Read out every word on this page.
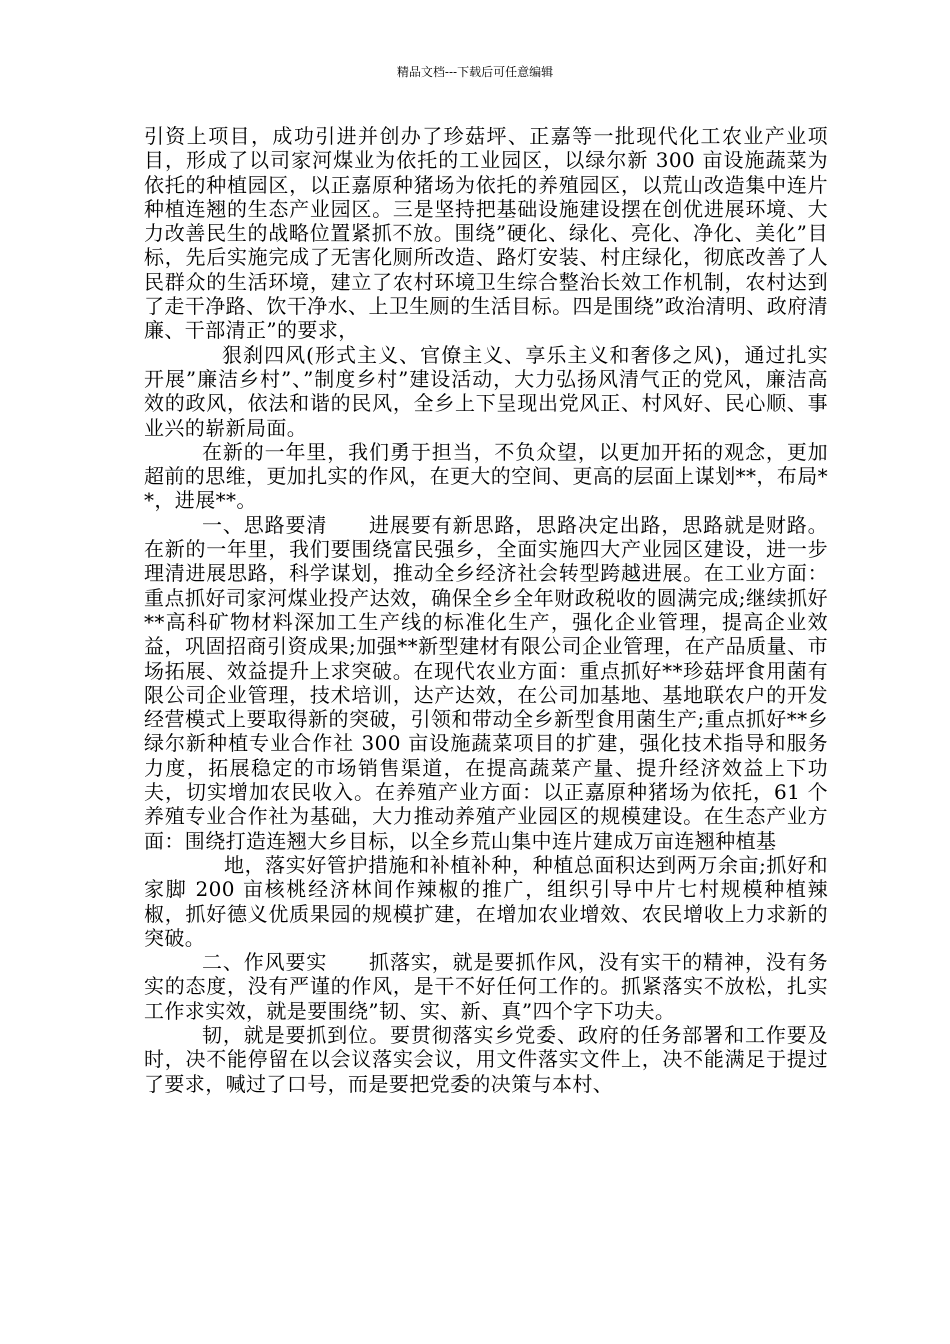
精品文档---下载后可任意编辑

引资上项目，成功引进并创办了珍菇坪、正嘉等一批现代化工农业产业项目，形成了以司家河煤业为依托的工业园区，以绿尔新 300 亩设施蔬菜为依托的种植园区，以正嘉原种猪场为依托的养殖园区，以荒山改造集中连片种植连翘的生态产业园区。三是坚持把基础设施建设摆在创优进展环境、大力改善民生的战略位置紧抓不放。围绕”硬化、绿化、亮化、净化、美化”目标，先后实施完成了无害化厕所改造、路灯安装、村庄绿化，彻底改善了人民群众的生活环境，建立了农村环境卫生综合整治长效工作机制，农村达到了走干净路、饮干净水、上卫生厕的生活目标。四是围绕”政治清明、政府清廉、干部清正”的要求，

狠刹四风(形式主义、官僚主义、享乐主义和奢侈之风)，通过扎实开展”廉洁乡村”、”制度乡村”建设活动，大力弘扬风清气正的党风，廉洁高效的政风，依法和谐的民风，全乡上下呈现出党风正、村风好、民心顺、事业兴的崭新局面。

在新的一年里，我们勇于担当，不负众望，以更加开拓的观念，更加超前的思维，更加扎实的作风，在更大的空间、更高的层面上谋划**，布局**，进展**。

一、思路要清　　进展要有新思路，思路决定出路，思路就是财路。在新的一年里，我们要围绕富民强乡，全面实施四大产业园区建设，进一步理清进展思路，科学谋划，推动全乡经济社会转型跨越进展。在工业方面：重点抓好司家河煤业投产达效，确保全乡全年财政税收的圆满完成;继续抓好**高科矿物材料深加工生产线的标准化生产，强化企业管理，提高企业效益，巩固招商引资成果;加强**新型建材有限公司企业管理，在产品质量、市场拓展、效益提升上求突破。在现代农业方面：重点抓好**珍菇坪食用菌有限公司企业管理，技术培训，达产达效，在公司加基地、基地联农户的开发经营模式上要取得新的突破，引领和带动全乡新型食用菌生产;重点抓好**乡绿尔新种植专业合作社 300 亩设施蔬菜项目的扩建，强化技术指导和服务力度，拓展稳定的市场销售渠道，在提高蔬菜产量、提升经济效益上下功夫，切实增加农民收入。在养殖产业方面：以正嘉原种猪场为依托，61 个养殖专业合作社为基础，大力推动养殖产业园区的规模建设。在生态产业方面：围绕打造连翘大乡目标，以全乡荒山集中连片建成万亩连翘种植基

地，落实好管护措施和补植补种，种植总面积达到两万余亩;抓好和家脚 200 亩核桃经济林间作辣椒的推广，组织引导中片七村规模种植辣椒，抓好德义优质果园的规模扩建，在增加农业增效、农民增收上力求新的突破。

二、作风要实　　抓落实，就是要抓作风，没有实干的精神，没有务实的态度，没有严谨的作风，是干不好任何工作的。抓紧落实不放松，扎实工作求实效，就是要围绕”韧、实、新、真”四个字下功夫。

韧，就是要抓到位。要贯彻落实乡党委、政府的任务部署和工作要及时，决不能停留在以会议落实会议，用文件落实文件上，决不能满足于提过了要求，喊过了口号，而是要把党委的决策与本村、
